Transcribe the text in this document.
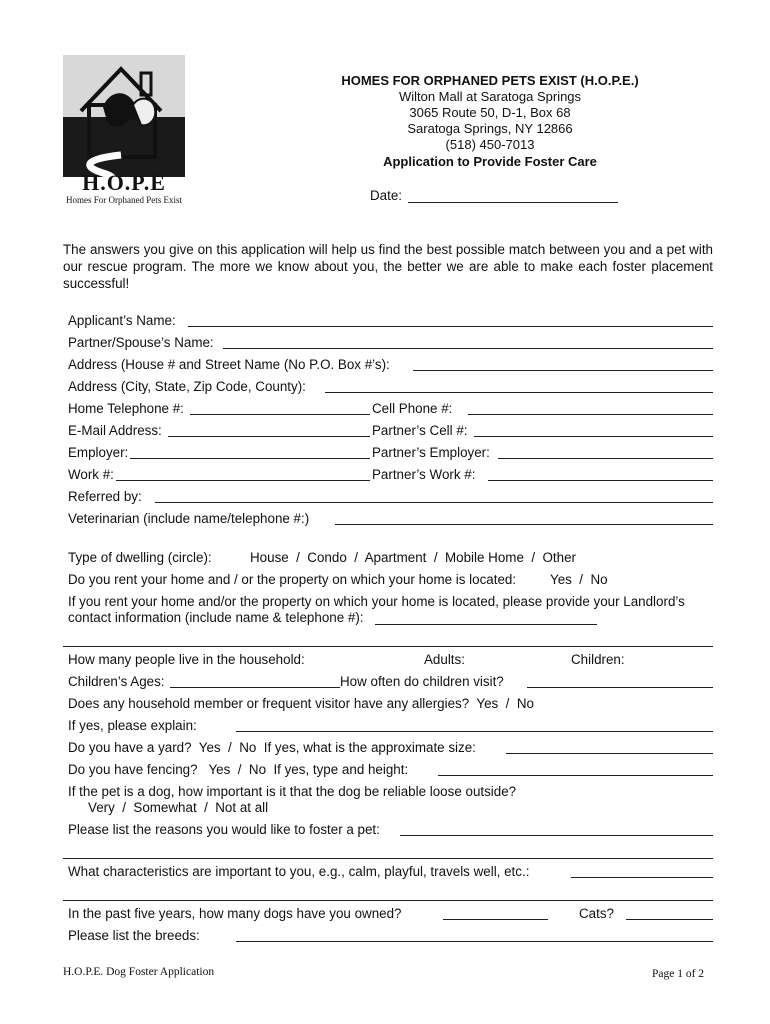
H.O.P.E
Homes For Orphaned Pets Exist
HOMES FOR ORPHANED PETS EXIST (H.O.P.E.)
Wilton Mall at Saratoga Springs
3065 Route 50, D-1, Box 68
Saratoga Springs, NY 12866
(518) 450-7013
Application to Provide Foster Care
Date:
The answers you give on this application will help us find the best possible match between you and a pet with our rescue program. The more we know about you, the better we are able to make each foster placement successful!
Applicant’s Name:
Partner/Spouse’s Name:
Address (House # and Street Name (No P.O. Box #’s):
Address (City, State, Zip Code, County):
Home Telephone #:	Cell Phone #:
E-Mail Address:	Partner’s Cell #:
Employer:	Partner’s Employer:
Work #:	Partner’s Work #:
Referred by:
Veterinarian (include name/telephone #:)
Type of dwelling (circle):	House  /  Condo  /  Apartment  /  Mobile Home  /  Other
Do you rent your home and / or the property on which your home is located:	Yes  /  No
If you rent your home and/or the property on which your home is located, please provide your Landlord’s
contact information (include name & telephone #):
How many people live in the household:	Adults:	Children:
Children’s Ages:	How often do children visit?
Does any household member or frequent visitor have any allergies?  Yes  /  No
If yes, please explain:
Do you have a yard?  Yes  /  No  If yes, what is the approximate size:
Do you have fencing?   Yes  /  No  If yes, type and height:
If the pet is a dog, how important is it that the dog be reliable loose outside?
Very  /  Somewhat  /  Not at all
Please list the reasons you would like to foster a pet:
What characteristics are important to you, e.g., calm, playful, travels well, etc.:
In the past five years, how many dogs have you owned?	Cats?
Please list the breeds:
H.O.P.E. Dog Foster Application	Page 1 of 2
